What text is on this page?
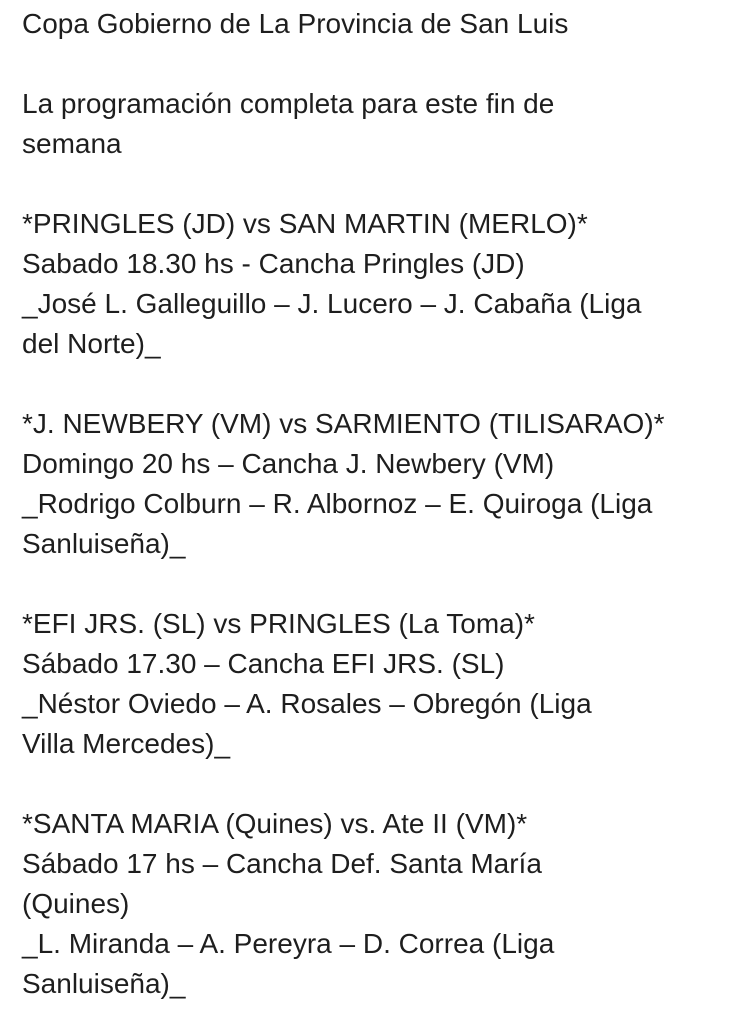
Copa Gobierno de La Provincia de San Luis
La programación completa para este fin de
semana
*PRINGLES (JD) vs SAN MARTIN (MERLO)*
Sabado 18.30 hs - Cancha Pringles (JD)
_José L. Galleguillo – J. Lucero – J. Cabaña (Liga
del Norte)_
*J. NEWBERY (VM) vs SARMIENTO (TILISARAO)*
Domingo 20 hs – Cancha J. Newbery (VM)
_Rodrigo Colburn – R. Albornoz – E. Quiroga (Liga
Sanluiseña)_
*EFI JRS. (SL) vs PRINGLES (La Toma)*
Sábado 17.30 – Cancha EFI JRS. (SL)
_Néstor Oviedo – A. Rosales – Obregón (Liga
Villa Mercedes)_
*SANTA MARIA (Quines) vs. Ate II (VM)*
Sábado 17 hs – Cancha Def. Santa María
(Quines)
_L. Miranda – A. Pereyra – D. Correa (Liga
Sanluiseña)_
